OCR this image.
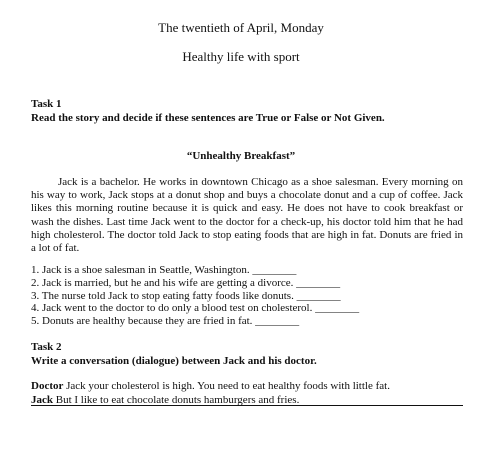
The twentieth of April, Monday
Healthy life with sport
Task 1
Read the story and decide if these sentences are True or False or Not Given.
“Unhealthy Breakfast”

Jack is a bachelor. He works in downtown Chicago as a shoe salesman. Every morning on his way to work, Jack stops at a donut shop and buys a chocolate donut and a cup of coffee. Jack likes this morning routine because it is quick and easy. He does not have to cook breakfast or wash the dishes. Last time Jack went to the doctor for a check-up, his doctor told him that he had high cholesterol. The doctor told Jack to stop eating foods that are high in fat. Donuts are fried in a lot of fat.

1. Jack is a shoe salesman in Seattle, Washington. ________
2. Jack is married, but he and his wife are getting a divorce. ________
3. The nurse told Jack to stop eating fatty foods like donuts. ________
4. Jack went to the doctor to do only a blood test on cholesterol. ________
5. Donuts are healthy because they are fried in fat. ________
Task 2
Write a conversation (dialogue) between Jack and his doctor.
Doctor Jack your cholesterol is high. You need to eat healthy foods with little fat.
Jack But I like to eat chocolate donuts hamburgers and fries.
